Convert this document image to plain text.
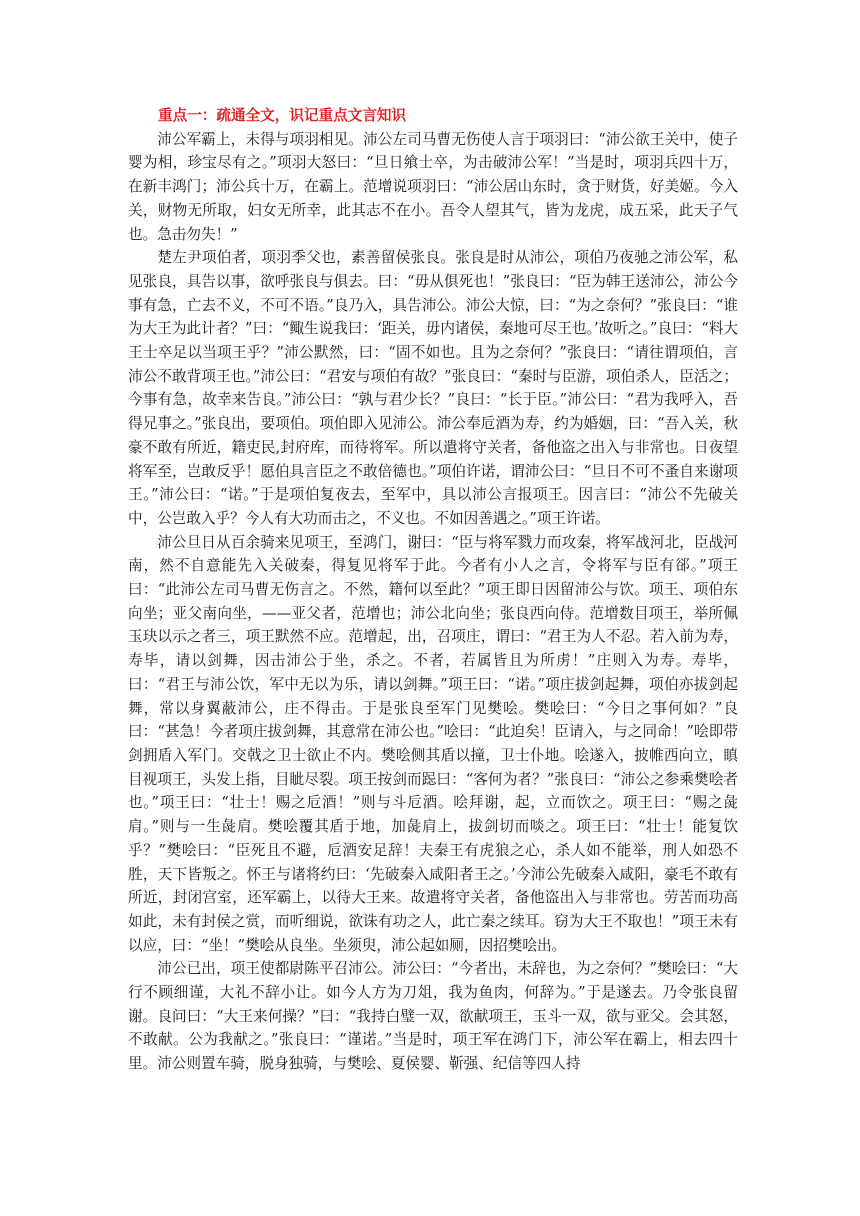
重点一：疏通全文，识记重点文言知识

沛公军霸上，未得与项羽相见。沛公左司马曹无伤使人言于项羽曰：“沛公欲王关中，使子婴为相，珍宝尽有之。”项羽大怒曰：“旦日飨士卒，为击破沛公军！”当是时，项羽兵四十万，在新丰鸿门；沛公兵十万，在霸上。范增说项羽曰：“沛公居山东时，贪于财货，好美姬。今入关，财物无所取，妇女无所幸，此其志不在小。吾令人望其气，皆为龙虎，成五采，此天子气也。急击勿失！”

楚左尹项伯者，项羽季父也，素善留侯张良。张良是时从沛公，项伯乃夜驰之沛公军，私见张良，具告以事，欲呼张良与俱去。曰：“毋从俱死也！”张良曰：“臣为韩王送沛公，沛公今事有急，亡去不义，不可不语。”良乃入，具告沛公。沛公大惊，曰：“为之奈何？”张良曰：“谁为大王为此计者？”曰：“鲰生说我曰：‘距关，毋内诸侯，秦地可尽王也。’故听之。”良曰：“料大王士卒足以当项王乎？”沛公默然，曰：“固不如也。且为之奈何？”张良曰：“请往谓项伯，言沛公不敢背项王也。”沛公曰：“君安与项伯有故？”张良曰：“秦时与臣游，项伯杀人，臣活之；今事有急，故幸来告良。”沛公曰：“孰与君少长？”良曰：“长于臣。”沛公曰：“君为我呼入，吾得兄事之。”张良出，要项伯。项伯即入见沛公。沛公奉卮酒为寿，约为婚姻，曰：“吾入关，秋豪不敢有所近，籍吏民,封府库，而待将军。所以遣将守关者，备他盗之出入与非常也。日夜望将军至，岂敢反乎！愿伯具言臣之不敢倍德也。”项伯许诺，谓沛公曰：“旦日不可不蚤自来谢项王。”沛公曰：“诺。”于是项伯复夜去，至军中，具以沛公言报项王。因言曰：“沛公不先破关中，公岂敢入乎？今人有大功而击之，不义也。不如因善遇之。”项王许诺。

沛公旦日从百余骑来见项王，至鸿门，谢曰：“臣与将军戮力而攻秦，将军战河北，臣战河南，然不自意能先入关破秦，得复见将军于此。今者有小人之言，令将军与臣有郤。”项王曰：“此沛公左司马曹无伤言之。不然，籍何以至此？”项王即日因留沛公与饮。项王、项伯东向坐；亚父南向坐，——亚父者，范增也；沛公北向坐；张良西向侍。范增数目项王，举所佩玉玦以示之者三，项王默然不应。范增起，出，召项庄，谓曰：“君王为人不忍。若入前为寿，寿毕，请以剑舞，因击沛公于坐，杀之。不者，若属皆且为所虏！”庄则入为寿。寿毕，曰：“君王与沛公饮，军中无以为乐，请以剑舞。”项王曰：“诺。”项庄拔剑起舞，项伯亦拔剑起舞，常以身翼蔽沛公，庄不得击。于是张良至军门见樊哙。樊哙曰：“今日之事何如？”良曰：“甚急！今者项庄拔剑舞，其意常在沛公也。”哙曰：“此迫矣！臣请入，与之同命！”哙即带剑拥盾入军门。交戟之卫士欲止不内。樊哙侧其盾以撞，卫士仆地。哙遂入，披帷西向立，瞋目视项王，头发上指，目眦尽裂。项王按剑而跽曰：“客何为者？”张良曰：“沛公之参乘樊哙者也。”项王曰：“壮士！赐之卮酒！”则与斗卮酒。哙拜谢，起，立而饮之。项王曰：“赐之彘肩。”则与一生彘肩。樊哙覆其盾于地，加彘肩上，拔剑切而啖之。项王曰：“壮士！能复饮乎？”樊哙曰：“臣死且不避，卮酒安足辞！夫秦王有虎狼之心，杀人如不能举，刑人如恐不胜，天下皆叛之。怀王与诸将约曰：‘先破秦入咸阳者王之。’今沛公先破秦入咸阳，豪毛不敢有所近，封闭宫室，还军霸上，以待大王来。故遣将守关者，备他盗出入与非常也。劳苦而功高如此，未有封侯之赏，而听细说，欲诛有功之人，此亡秦之续耳。窃为大王不取也！”项王未有以应，曰：“坐！”樊哙从良坐。坐须臾，沛公起如厕，因招樊哙出。

沛公已出，项王使都尉陈平召沛公。沛公曰：“今者出，未辞也，为之奈何？”樊哙曰：“大行不顾细谨，大礼不辞小让。如今人方为刀俎，我为鱼肉，何辞为。”于是遂去。乃令张良留谢。良问曰：“大王来何操？”曰：“我持白璧一双，欲献项王，玉斗一双，欲与亚父。会其怒，不敢献。公为我献之。”张良曰：“谨诺。”当是时，项王军在鸿门下，沛公军在霸上，相去四十里。沛公则置车骑，脱身独骑，与樊哙、夏侯婴、靳强、纪信等四人持
